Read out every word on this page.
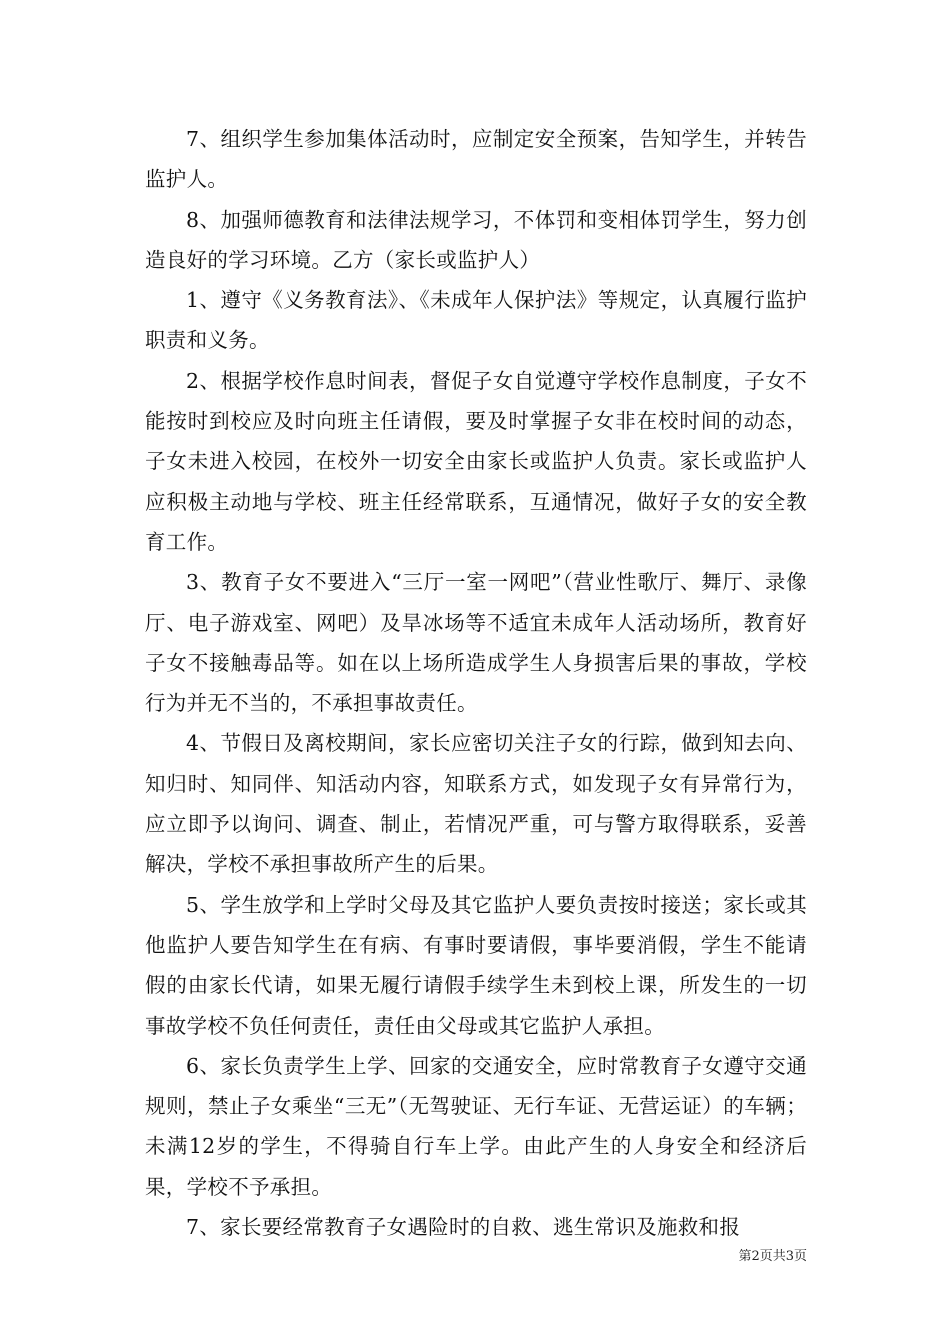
7、组织学生参加集体活动时，应制定安全预案，告知学生，并转告监护人。

8、加强师德教育和法律法规学习，不体罚和变相体罚学生，努力创造良好的学习环境。乙方（家长或监护人）

1、遵守《义务教育法》、《未成年人保护法》等规定，认真履行监护职责和义务。

2、根据学校作息时间表，督促子女自觉遵守学校作息制度，子女不能按时到校应及时向班主任请假，要及时掌握子女非在校时间的动态，子女未进入校园，在校外一切安全由家长或监护人负责。家长或监护人应积极主动地与学校、班主任经常联系，互通情况，做好子女的安全教育工作。

3、教育子女不要进入“三厅一室一网吧”（营业性歌厅、舞厅、录像厅、电子游戏室、网吧）及旱冰场等不适宜未成年人活动场所，教育好子女不接触毒品等。如在以上场所造成学生人身损害后果的事故，学校行为并无不当的，不承担事故责任。

4、节假日及离校期间，家长应密切关注子女的行踪，做到知去向、知归时、知同伴、知活动内容，知联系方式，如发现子女有异常行为，应立即予以询问、调查、制止，若情况严重，可与警方取得联系，妥善解决，学校不承担事故所产生的后果。

5、学生放学和上学时父母及其它监护人要负责按时接送；家长或其他监护人要告知学生在有病、有事时要请假，事毕要消假，学生不能请假的由家长代请，如果无履行请假手续学生未到校上课，所发生的一切事故学校不负任何责任，责任由父母或其它监护人承担。

6、家长负责学生上学、回家的交通安全，应时常教育子女遵守交通规则，禁止子女乘坐“三无”（无驾驶证、无行车证、无营运证）的车辆；未满12岁的学生，不得骑自行车上学。由此产生的人身安全和经济后果，学校不予承担。

7、家长要经常教育子女遇险时的自救、逃生常识及施救和报

第2页共3页
